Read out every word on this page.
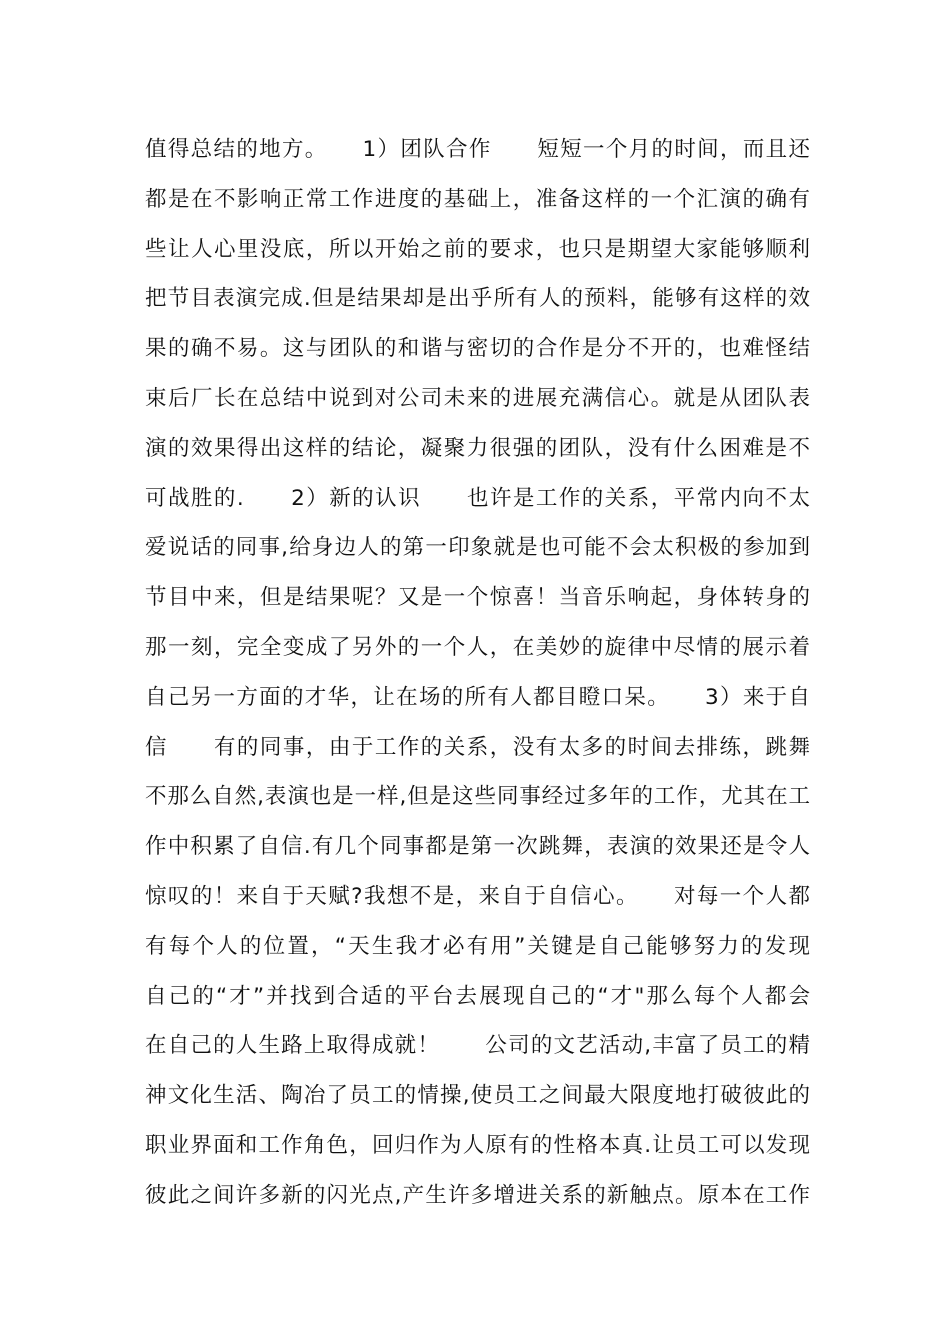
值得总结的地方。　　1）团队合作　　短短一个月的时间，而且还
都是在不影响正常工作进度的基础上，准备这样的一个汇演的确有
些让人心里没底，所以开始之前的要求，也只是期望大家能够顺利
把节目表演完成.但是结果却是出乎所有人的预料，能够有这样的效
果的确不易。这与团队的和谐与密切的合作是分不开的，也难怪结
束后厂长在总结中说到对公司未来的进展充满信心。就是从团队表
演的效果得出这样的结论，凝聚力很强的团队，没有什么困难是不
可战胜的.　　2）新的认识　　也许是工作的关系，平常内向不太
爱说话的同事,给身边人的第一印象就是也可能不会太积极的参加到
节目中来，但是结果呢？又是一个惊喜！当音乐响起，身体转身的
那一刻，完全变成了另外的一个人，在美妙的旋律中尽情的展示着
自己另一方面的才华，让在场的所有人都目瞪口呆。　　3）来于自
信　　有的同事，由于工作的关系，没有太多的时间去排练，跳舞
不那么自然,表演也是一样,但是这些同事经过多年的工作，尤其在工
作中积累了自信.有几个同事都是第一次跳舞，表演的效果还是令人
惊叹的！来自于天赋?我想不是，来自于自信心。　　对每一个人都
有每个人的位置，“天生我才必有用”关键是自己能够努力的发现
自己的“才”并找到合适的平台去展现自己的“才"那么每个人都会
在自己的人生路上取得成就！　　公司的文艺活动,丰富了员工的精
神文化生活、陶冶了员工的情操,使员工之间最大限度地打破彼此的
职业界面和工作角色，回归作为人原有的性格本真.让员工可以发现
彼此之间许多新的闪光点,产生许多增进关系的新触点。原本在工作
